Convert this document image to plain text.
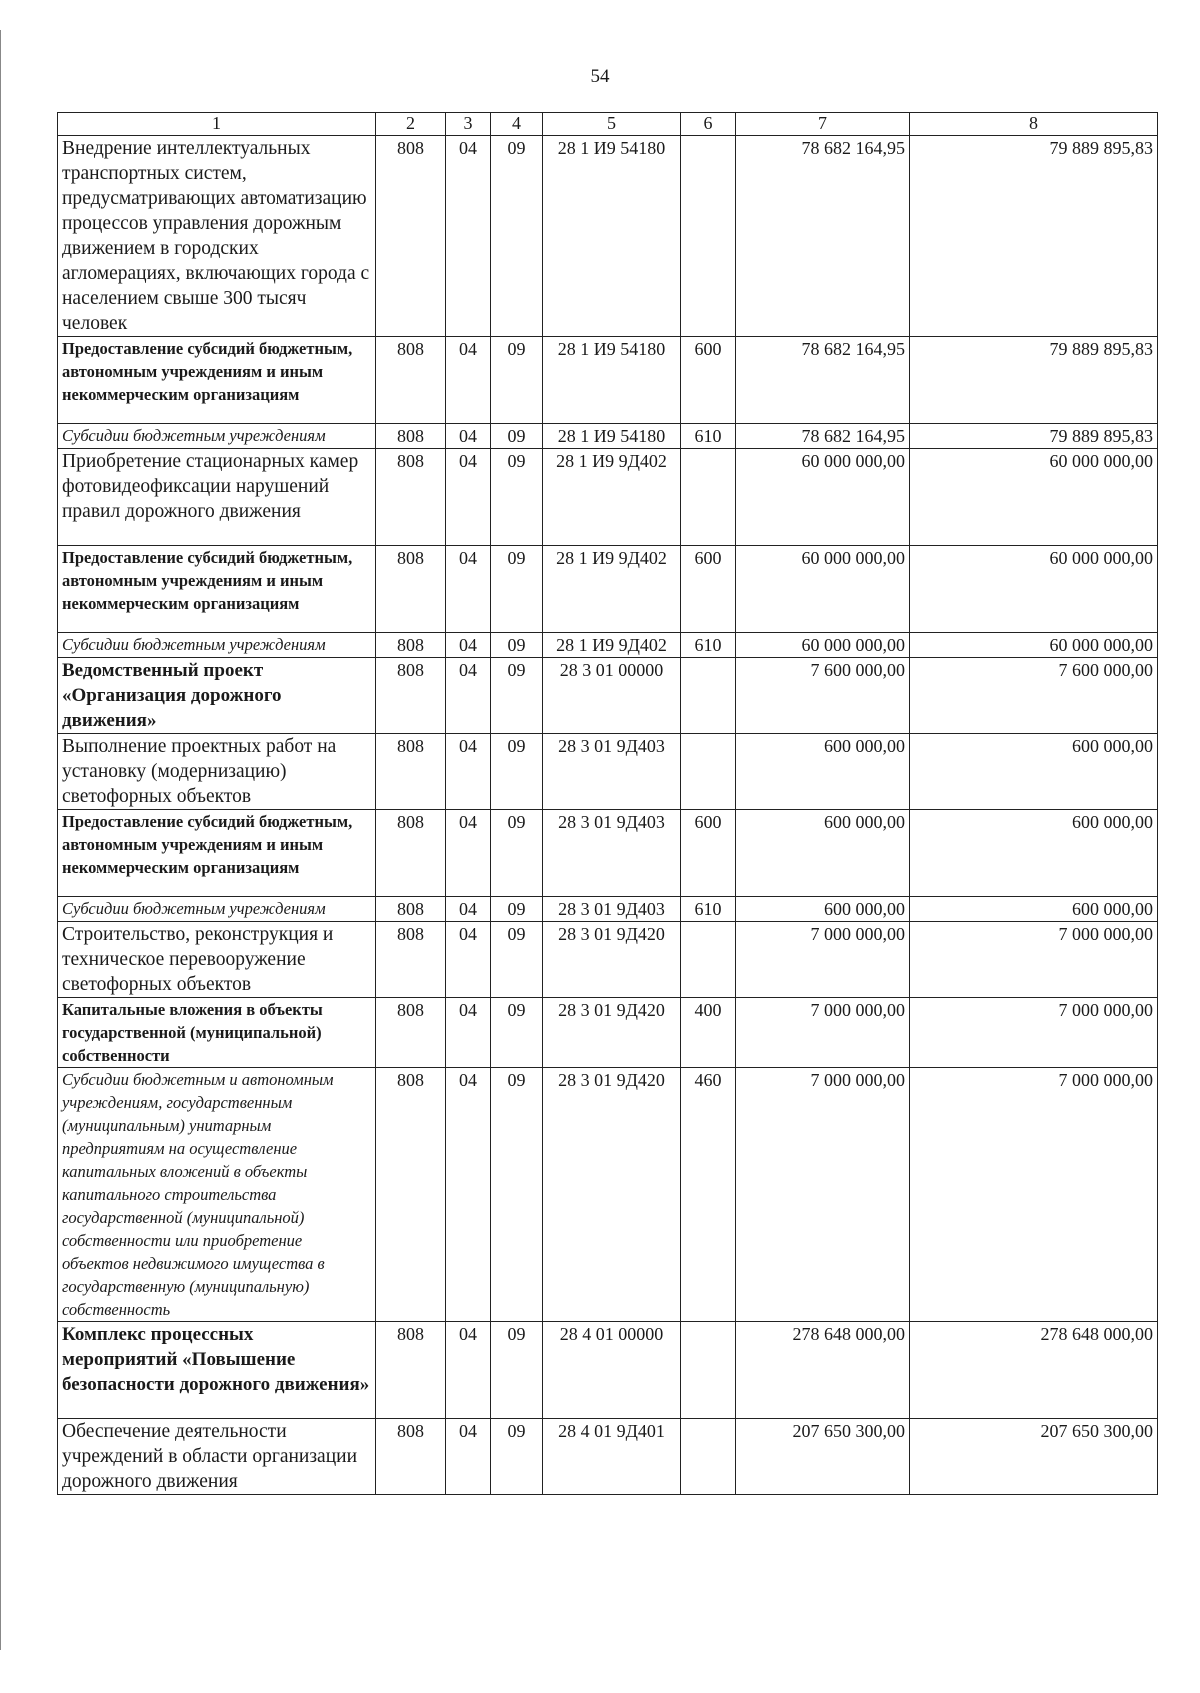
54
1	2	3	4	5	6	7	8
Внедрение интеллектуальных транспортных систем, предусматривающих автоматизацию процессов управления дорожным движением в городских агломерациях, включающих города с населением свыше 300 тысяч человек	808	04	09	28 1 И9 54180		78 682 164,95	79 889 895,83
Предоставление субсидий бюджетным, автономным учреждениям и иным некоммерческим организациям	808	04	09	28 1 И9 54180	600	78 682 164,95	79 889 895,83
Субсидии бюджетным учреждениям	808	04	09	28 1 И9 54180	610	78 682 164,95	79 889 895,83
Приобретение стационарных камер фотовидеофиксации нарушений правил дорожного движения	808	04	09	28 1 И9 9Д402		60 000 000,00	60 000 000,00
Предоставление субсидий бюджетным, автономным учреждениям и иным некоммерческим организациям	808	04	09	28 1 И9 9Д402	600	60 000 000,00	60 000 000,00
Субсидии бюджетным учреждениям	808	04	09	28 1 И9 9Д402	610	60 000 000,00	60 000 000,00
Ведомственный проект «Организация дорожного движения»	808	04	09	28 3 01 00000		7 600 000,00	7 600 000,00
Выполнение проектных работ на установку (модернизацию) светофорных объектов	808	04	09	28 3 01 9Д403		600 000,00	600 000,00
Предоставление субсидий бюджетным, автономным учреждениям и иным некоммерческим организациям	808	04	09	28 3 01 9Д403	600	600 000,00	600 000,00
Субсидии бюджетным учреждениям	808	04	09	28 3 01 9Д403	610	600 000,00	600 000,00
Строительство, реконструкция и техническое перевооружение светофорных объектов	808	04	09	28 3 01 9Д420		7 000 000,00	7 000 000,00
Капитальные вложения в объекты государственной (муниципальной) собственности	808	04	09	28 3 01 9Д420	400	7 000 000,00	7 000 000,00
Субсидии бюджетным и автономным учреждениям, государственным (муниципальным) унитарным предприятиям на осуществление капитальных вложений в объекты капитального строительства государственной (муниципальной) собственности или приобретение объектов недвижимого имущества в государственную (муниципальную) собственность	808	04	09	28 3 01 9Д420	460	7 000 000,00	7 000 000,00
Комплекс процессных мероприятий «Повышение безопасности дорожного движения»	808	04	09	28 4 01 00000		278 648 000,00	278 648 000,00
Обеспечение деятельности учреждений в области организации дорожного движения	808	04	09	28 4 01 9Д401		207 650 300,00	207 650 300,00
